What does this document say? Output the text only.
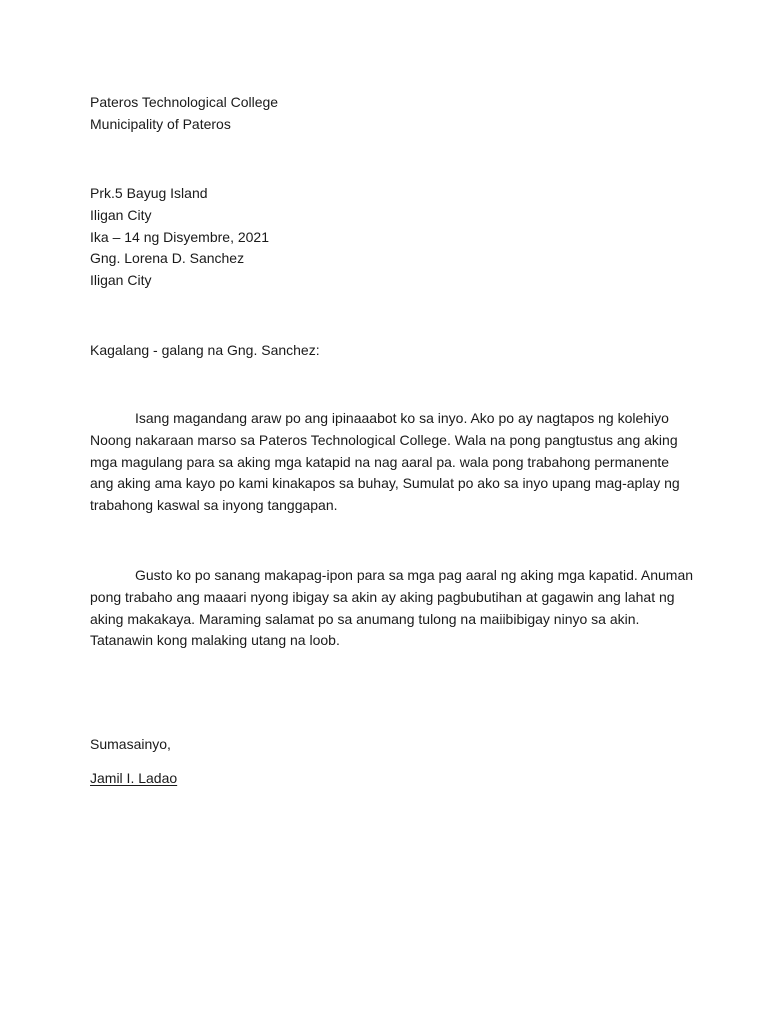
Pateros Technological College
Municipality of Pateros
Prk.5 Bayug Island
Iligan City
Ika – 14 ng Disyembre, 2021
Gng. Lorena D. Sanchez
Iligan City
Kagalang - galang na Gng. Sanchez:
Isang magandang araw po ang ipinaaabot ko sa inyo. Ako po ay nagtapos ng kolehiyo
Noong nakaraan marso sa Pateros Technological College. Wala na pong pangtustus ang aking
mga magulang para sa aking mga katapid na nag aaral pa. wala pong trabahong permanente
ang aking ama kayo po kami kinakapos sa buhay, Sumulat po ako sa inyo upang mag-aplay ng
trabahong kaswal sa inyong tanggapan.
Gusto ko po sanang makapag-ipon para sa mga pag aaral ng aking mga kapatid. Anuman
pong trabaho ang maaari nyong ibigay sa akin ay aking pagbubutihan at gagawin ang lahat ng
aking makakaya. Maraming salamat po sa anumang tulong na maiibibigay ninyo sa akin.
Tatanawin kong malaking utang na loob.
Sumasainyo,
Jamil I. Ladao
